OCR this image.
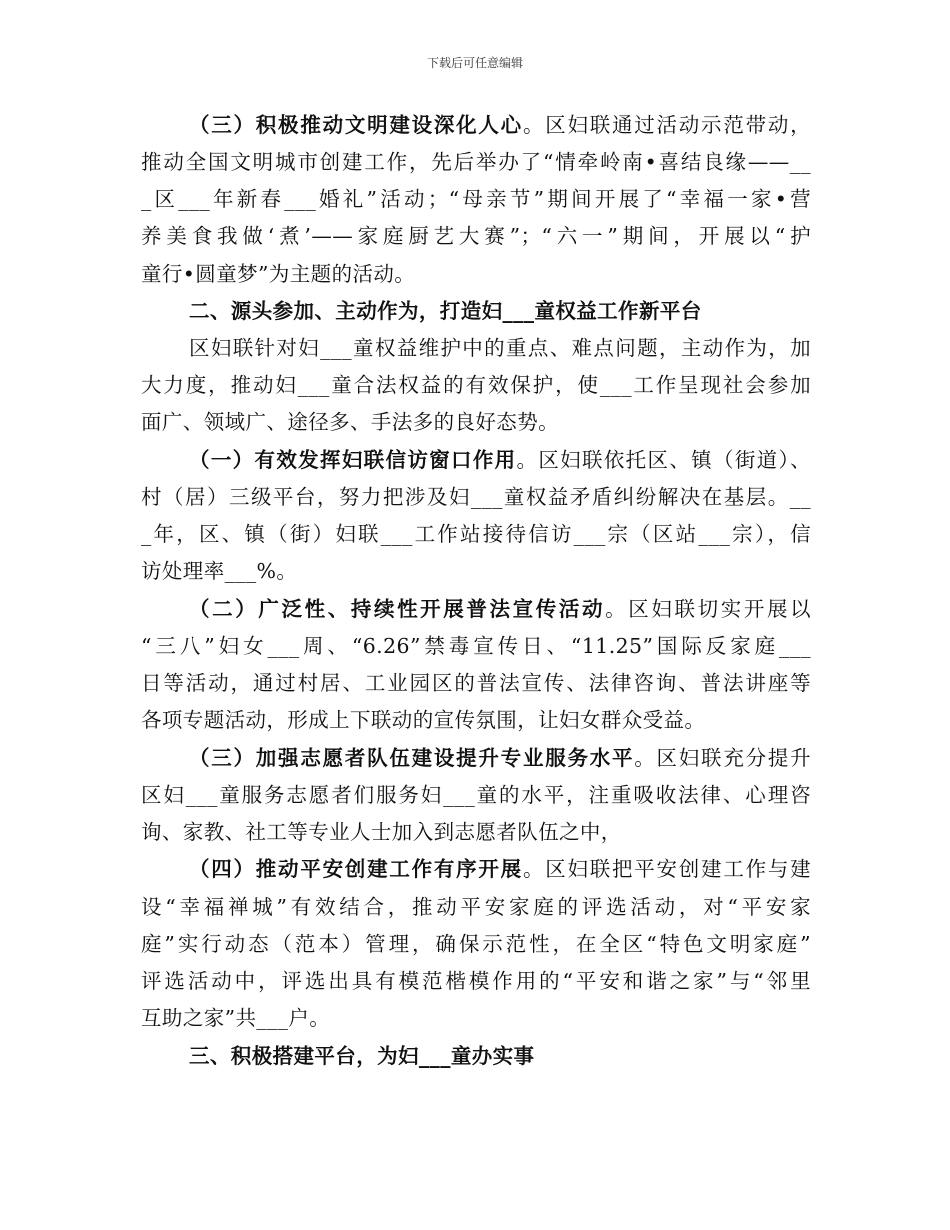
下载后可任意编辑
（三）积极推动文明建设深化人心。区妇联通过活动示范带动，
推动全国文明城市创建工作，先后举办了“情牵岭南•喜结良缘——__
_区___年新春___婚礼”活动；“母亲节”期间开展了“幸福一家•营
养美食我做‘煮’——家庭厨艺大赛”；“六一”期间，开展以“护
童行•圆童梦”为主题的活动。
二、源头参加、主动作为，打造妇___童权益工作新平台
区妇联针对妇___童权益维护中的重点、难点问题，主动作为，加
大力度，推动妇___童合法权益的有效保护，使___工作呈现社会参加
面广、领域广、途径多、手法多的良好态势。
（一）有效发挥妇联信访窗口作用。区妇联依托区、镇（街道）、
村（居）三级平台，努力把涉及妇___童权益矛盾纠纷解决在基层。__
_年，区、镇（街）妇联___工作站接待信访___宗（区站___宗），信
访处理率___%。
（二）广泛性、持续性开展普法宣传活动。区妇联切实开展以
“三八”妇女___周、“6.26”禁毒宣传日、“11.25”国际反家庭___
日等活动，通过村居、工业园区的普法宣传、法律咨询、普法讲座等
各项专题活动，形成上下联动的宣传氛围，让妇女群众受益。
（三）加强志愿者队伍建设提升专业服务水平。区妇联充分提升
区妇___童服务志愿者们服务妇___童的水平，注重吸收法律、心理咨
询、家教、社工等专业人士加入到志愿者队伍之中，
（四）推动平安创建工作有序开展。区妇联把平安创建工作与建
设“幸福禅城”有效结合，推动平安家庭的评选活动，对“平安家
庭”实行动态（范本）管理，确保示范性，在全区“特色文明家庭”
评选活动中，评选出具有模范楷模作用的“平安和谐之家”与“邻里
互助之家”共___户。
三、积极搭建平台，为妇___童办实事
